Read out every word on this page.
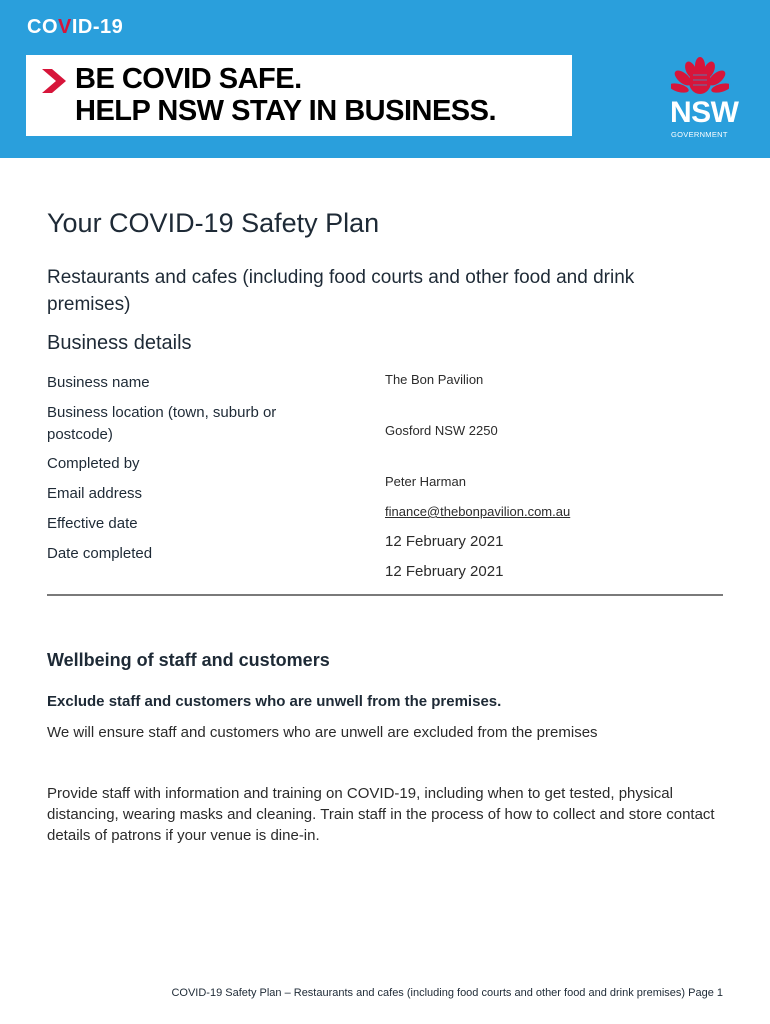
COVID-19
BE COVID SAFE.
HELP NSW STAY IN BUSINESS.	NSW
GOVERNMENT
Your COVID-19 Safety Plan
Restaurants and cafes (including food courts and other food and drink premises)
Business details
Business name
Business location (town, suburb or postcode)
Completed by
Email address
Effective date
Date completed
The Bon Pavilion
Gosford NSW 2250
Peter Harman
finance@thebonpavilion.com.au
12 February 2021
12 February 2021
Wellbeing of staff and customers
Exclude staff and customers who are unwell from the premises.
We will ensure staff and customers who are unwell are excluded from the premises
Provide staff with information and training on COVID-19, including when to get tested, physical distancing, wearing masks and cleaning. Train staff in the process of how to collect and store contact details of patrons if your venue is dine-in.
COVID-19 Safety Plan – Restaurants and cafes (including food courts and other food and drink premises) Page 1
